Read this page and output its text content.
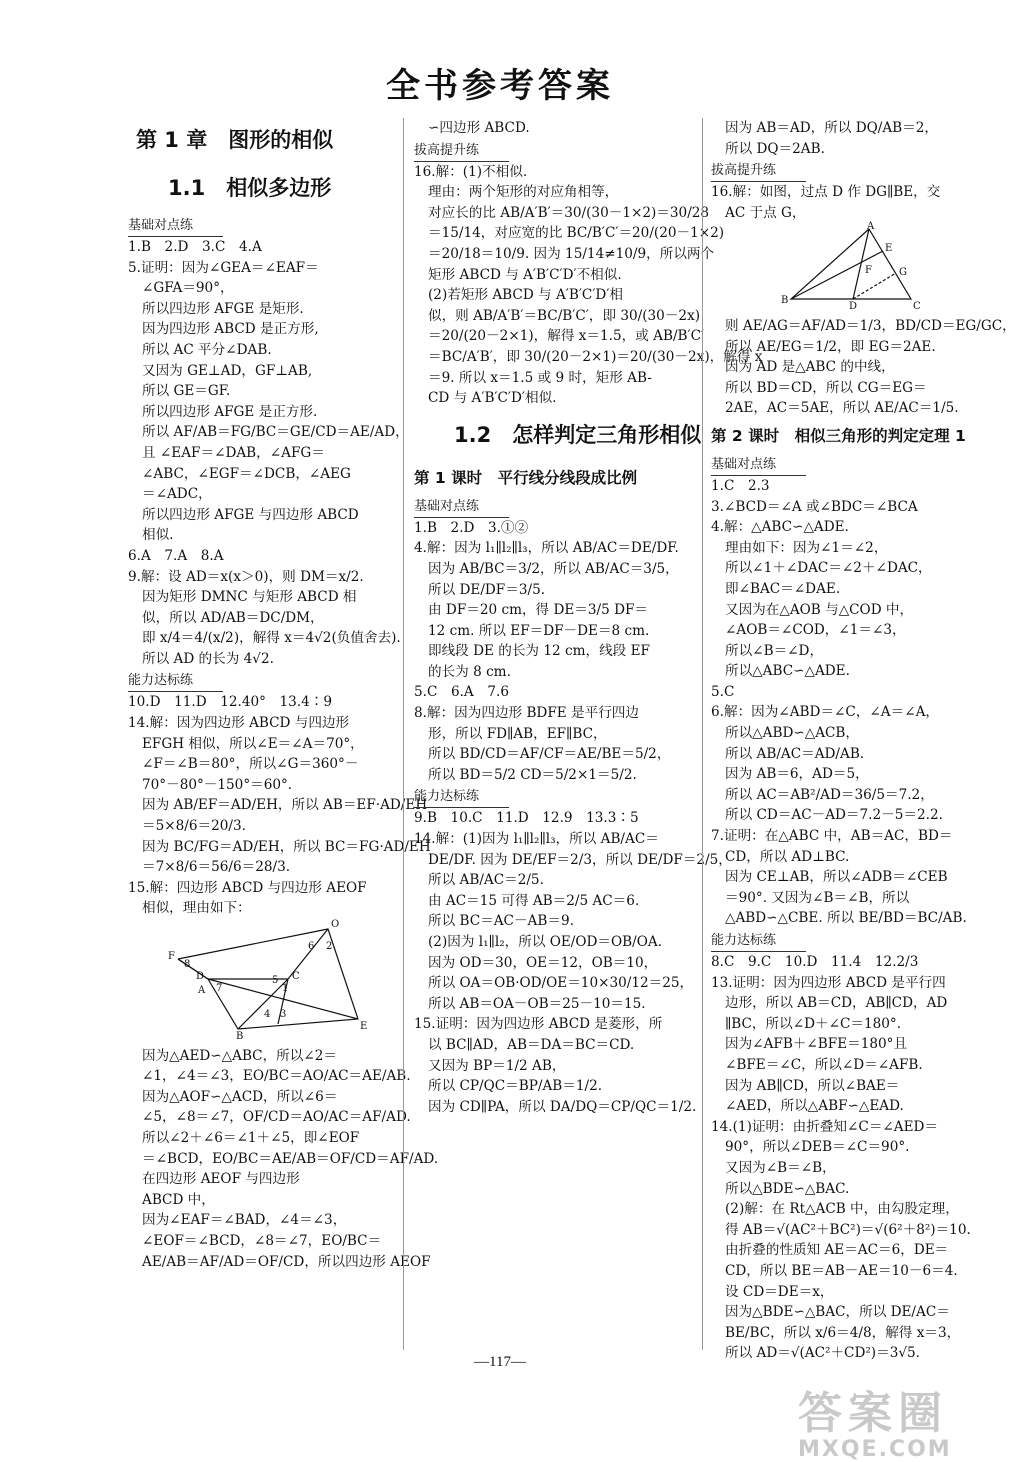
全书参考答案
第 1 章　图形的相似
1.1　相似多边形
基础对点练
1.B　2.D　3.C　4.A
5.证明：因为∠GEA＝∠EAF＝
∠GFA＝90°，
所以四边形 AFGE 是矩形.
因为四边形 ABCD 是正方形,
所以 AC 平分∠DAB.
又因为 GE⊥AD，GF⊥AB,
所以 GE＝GF.
所以四边形 AFGE 是正方形.
所以 AF/AB＝FG/BC＝GE/CD＝AE/AD，
且 ∠EAF＝∠DAB，∠AFG＝
∠ABC，∠EGF＝∠DCB，∠AEG
＝∠ADC，
所以四边形 AFGE 与四边形 ABCD
相似.
6.A　7.A　8.A
9.解：设 AD＝x(x＞0)，则 DM＝x/2.
因为矩形 DMNC 与矩形 ABCD 相
似，所以 AD/AB＝DC/DM，
即 x/4＝4/(x/2)，解得 x＝4√2(负值舍去).
所以 AD 的长为 4√2.
能力达标练
10.D　11.D　12.40°　13.4∶9
14.解：因为四边形 ABCD 与四边形
EFGH 相似，所以∠E＝∠A＝70°，
∠F＝∠B＝80°，所以∠G＝360°－
70°－80°－150°＝60°.
因为 AB/EF＝AD/EH，所以 AB＝EF·AD/EH
＝5×8/6＝20/3.
因为 BC/FG＝AD/EH，所以 BC＝FG·AD/EH
＝7×8/6＝56/6＝28/3.
15.解：四边形 ABCD 与四边形 AEOF
相似，理由如下：
O
F
8
6 2
A
D	5
1
C
7
4 3
B
E
因为△AED∽△ABC，所以∠2＝
∠1，∠4＝∠3，EO/BC＝AO/AC＝AE/AB.
因为△AOF∽△ACD，所以∠6＝
∠5，∠8＝∠7，OF/CD＝AO/AC＝AF/AD.
所以∠2＋∠6＝∠1＋∠5，即∠EOF
＝∠BCD，EO/BC＝AE/AB＝OF/CD＝AF/AD.
在四边形 AEOF 与四边形
ABCD 中，
因为∠EAF＝∠BAD，∠4＝∠3，
∠EOF＝∠BCD，∠8＝∠7，EO/BC＝
AE/AB＝AF/AD＝OF/CD，所以四边形 AEOF
∽四边形 ABCD.
拔高提升练
16.解：(1)不相似.
理由：两个矩形的对应角相等，
对应长的比 AB/A′B′＝30/(30－1×2)＝30/28
＝15/14，对应宽的比 BC/B′C′＝20/(20－1×2)
＝20/18＝10/9. 因为 15/14≠10/9，所以两个
矩形 ABCD 与 A′B′C′D′不相似.
(2)若矩形 ABCD 与 A′B′C′D′相
似，则 AB/A′B′＝BC/B′C′，即 30/(30－2x)
＝20/(20－2×1)，解得 x＝1.5，或 AB/B′C′
＝BC/A′B′，即 30/(20－2×1)＝20/(30－2x)，解得 x
＝9. 所以 x＝1.5 或 9 时，矩形 AB-
CD 与 A′B′C′D′相似.
1.2　怎样判定三角形相似
第 1 课时　平行线分线段成比例
基础对点练
1.B　2.D　3.①②
4.解：因为 l₁∥l₂∥l₃，所以 AB/AC＝DE/DF.
因为 AB/BC＝3/2，所以 AB/AC＝3/5，
所以 DE/DF＝3/5.
由 DF＝20 cm，得 DE＝3/5 DF＝
12 cm. 所以 EF＝DF－DE＝8 cm.
即线段 DE 的长为 12 cm，线段 EF
的长为 8 cm.
5.C　6.A　7.6
8.解：因为四边形 BDFE 是平行四边
形，所以 FD∥AB，EF∥BC，
所以 BD/CD＝AF/CF＝AE/BE＝5/2，
所以 BD＝5/2 CD＝5/2×1＝5/2.
能力达标练
9.B　10.C　11.D　12.9　13.3∶5
14.解：(1)因为 l₁∥l₂∥l₃，所以 AB/AC＝
DE/DF. 因为 DE/EF＝2/3，所以 DE/DF＝2/5，
所以 AB/AC＝2/5.
由 AC＝15 可得 AB＝2/5 AC＝6.
所以 BC＝AC－AB＝9.
(2)因为 l₁∥l₂，所以 OE/OD＝OB/OA.
因为 OD＝30，OE＝12，OB＝10，
所以 OA＝OB·OD/OE＝10×30/12＝25，
所以 AB＝OA－OB＝25－10＝15.
15.证明：因为四边形 ABCD 是菱形，所
以 BC∥AD，AB＝DA＝BC＝CD.
又因为 BP＝1/2 AB，
所以 CP/QC＝BP/AB＝1/2.
因为 CD∥PA，所以 DA/DQ＝CP/QC＝1/2.
因为 AB＝AD，所以 DQ/AB＝2，
所以 DQ＝2AB.
拔高提升练
16.解：如图，过点 D 作 DG∥BE，交
AC 于点 G，
A
E
F	G
B
D	C
则 AE/AG＝AF/AD＝1/3，BD/CD＝EG/GC，
所以 AE/EG＝1/2，即 EG＝2AE.
因为 AD 是△ABC 的中线，
所以 BD＝CD，所以 CG＝EG＝
2AE，AC＝5AE，所以 AE/AC＝1/5.
第 2 课时　相似三角形的判定定理 1
基础对点练
1.C　2.3
3.∠BCD＝∠A 或∠BDC＝∠BCA
4.解：△ABC∽△ADE.
理由如下：因为∠1＝∠2，
所以∠1＋∠DAC＝∠2＋∠DAC，
即∠BAC＝∠DAE.
又因为在△AOB 与△COD 中，
∠AOB＝∠COD，∠1＝∠3，
所以∠B＝∠D，
所以△ABC∽△ADE.
5.C
6.解：因为∠ABD＝∠C，∠A＝∠A，
所以△ABD∽△ACB，
所以 AB/AC＝AD/AB.
因为 AB＝6，AD＝5，
所以 AC＝AB²/AD＝36/5＝7.2，
所以 CD＝AC－AD＝7.2－5＝2.2.
7.证明：在△ABC 中，AB＝AC，BD＝
CD，所以 AD⊥BC.
因为 CE⊥AB，所以∠ADB＝∠CEB
＝90°. 又因为∠B＝∠B，所以
△ABD∽△CBE. 所以 BE/BD＝BC/AB.
能力达标练
8.C　9.C　10.D　11.4　12.2/3
13.证明：因为四边形 ABCD 是平行四
边形，所以 AB＝CD，AB∥CD，AD
∥BC，所以∠D＋∠C＝180°.
因为∠AFB＋∠BFE＝180°且
∠BFE＝∠C，所以∠D＝∠AFB.
因为 AB∥CD，所以∠BAE＝
∠AED，所以△ABF∽△EAD.
14.(1)证明：由折叠知∠C＝∠AED＝
90°，所以∠DEB＝∠C＝90°.
又因为∠B＝∠B，
所以△BDE∽△BAC.
(2)解：在 Rt△ACB 中，由勾股定理，
得 AB＝√(AC²＋BC²)＝√(6²＋8²)＝10.
由折叠的性质知 AE＝AC＝6，DE＝
CD，所以 BE＝AB－AE＝10－6＝4.
设 CD＝DE＝x，
因为△BDE∽△BAC，所以 DE/AC＝
BE/BC，所以 x/6＝4/8，解得 x＝3，
所以 AD＝√(AC²＋CD²)＝3√5.
—117—
答案圈
MXQE.COM
